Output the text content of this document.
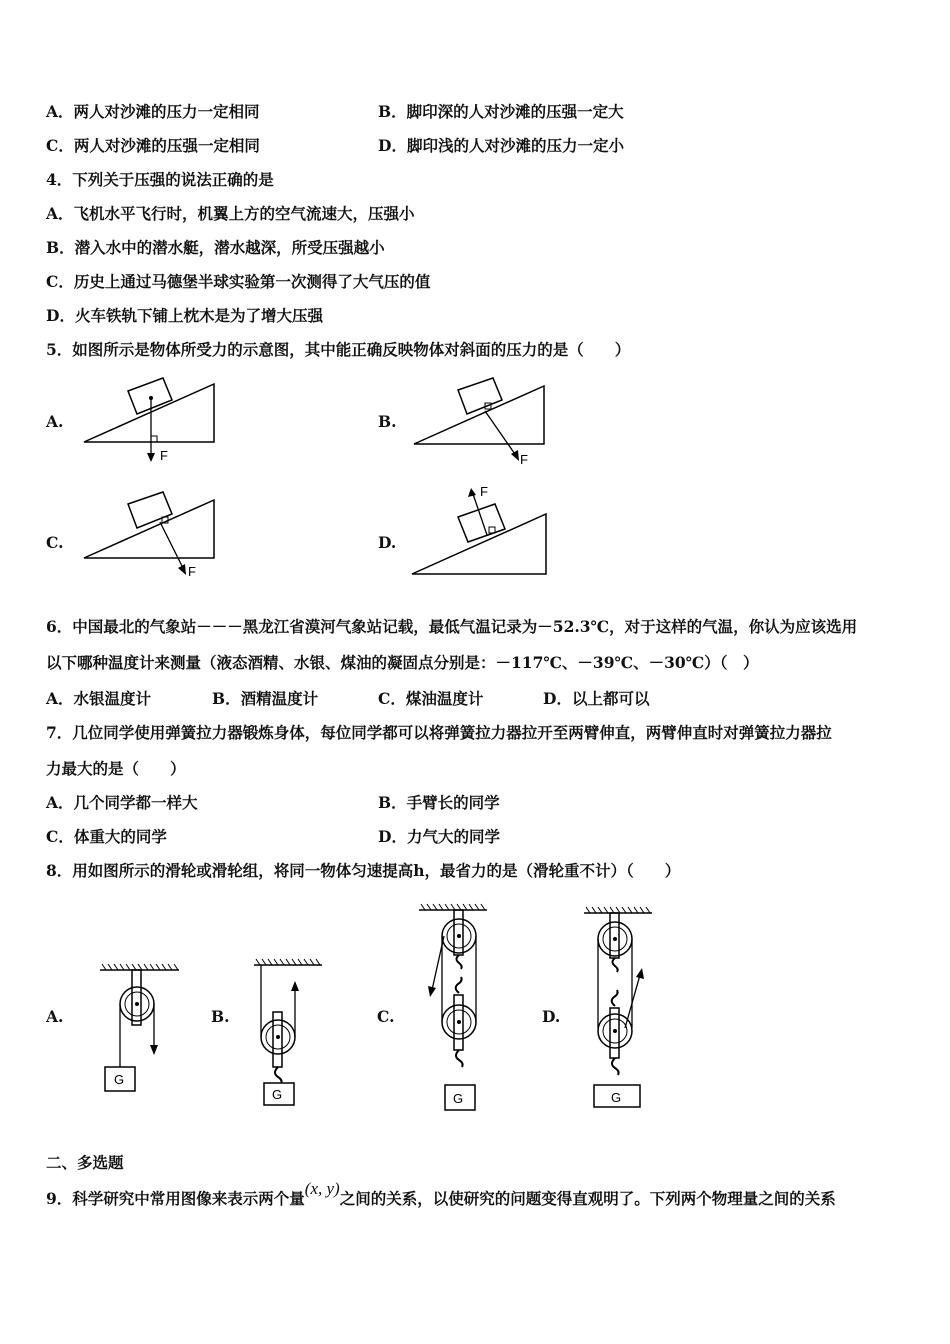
A．两人对沙滩的压力一定相同	B．脚印深的人对沙滩的压强一定大
C．两人对沙滩的压强一定相同	D．脚印浅的人对沙滩的压力一定小
4．下列关于压强的说法正确的是
A．飞机水平飞行时，机翼上方的空气流速大，压强小
B．潜入水中的潜水艇，潜水越深，所受压强越小
C．历史上通过马德堡半球实验第一次测得了大气压的值
D．火车铁轨下铺上枕木是为了增大压强
5．如图所示是物体所受力的示意图，其中能正确反映物体对斜面的压力的是（　　）
A.
F
B.
F
C.
F
D.
F
6．中国最北的气象站－－－黑龙江省漠河气象站记载，最低气温记录为－52.3℃，对于这样的气温，你认为应该选用
以下哪种温度计来测量（液态酒精、水银、煤油的凝固点分别是：－117℃、－39℃、－30℃）（　）
A．水银温度计	B．酒精温度计	C．煤油温度计	D．以上都可以
7．几位同学使用弹簧拉力器锻炼身体，每位同学都可以将弹簧拉力器拉开至两臂伸直，两臂伸直时对弹簧拉力器拉
力最大的是（　　）
A．几个同学都一样大	B．手臂长的同学
C．体重大的同学	D．力气大的同学
8．用如图所示的滑轮或滑轮组，将同一物体匀速提高h，最省力的是（滑轮重不计）（　　）
A.
G
B.
G
C.
G
D.
G
二、多选题
9．科学研究中常用图像来表示两个量(x, y)之间的关系，以使研究的问题变得直观明了。下列两个物理量之间的关系
